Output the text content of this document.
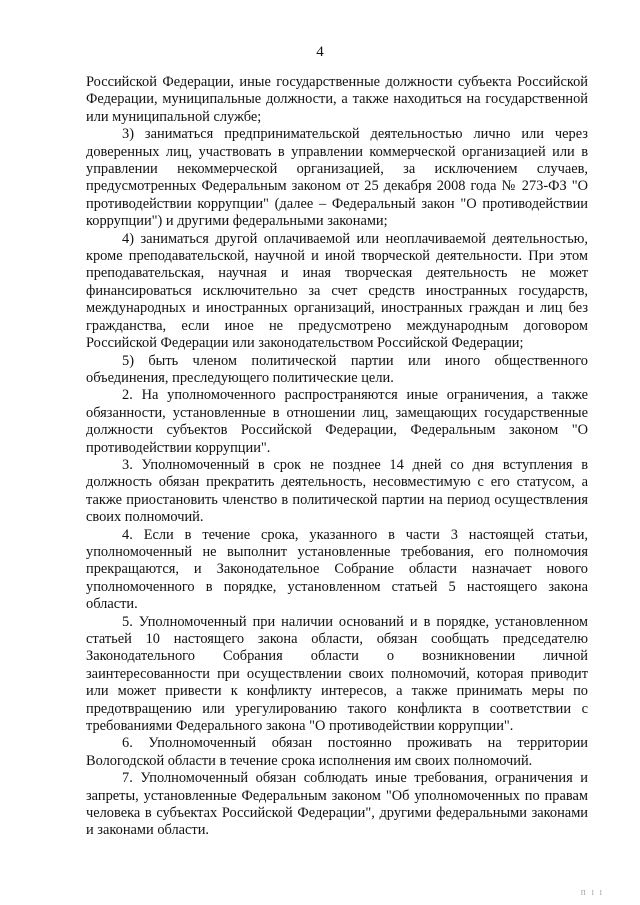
4

Российской Федерации, иные государственные должности субъекта Российской Федерации, муниципальные должности, а также находиться на государственной или муниципальной службе;

3) заниматься предпринимательской деятельностью лично или через доверенных лиц, участвовать в управлении коммерческой организацией или в управлении некоммерческой организацией, за исключением случаев, предусмотренных Федеральным законом от 25 декабря 2008 года № 273-ФЗ "О противодействии коррупции" (далее – Федеральный закон "О противодействии коррупции") и другими федеральными законами;

4) заниматься другой оплачиваемой или неоплачиваемой деятельностью, кроме преподавательской, научной и иной творческой деятельности. При этом преподавательская, научная и иная творческая деятельность не может финансироваться исключительно за счет средств иностранных государств, международных и иностранных организаций, иностранных граждан и лиц без гражданства, если иное не предусмотрено международным договором Российской Федерации или законодательством Российской Федерации;

5) быть членом политической партии или иного общественного объединения, преследующего политические цели.

2. На уполномоченного распространяются иные ограничения, а также обязанности, установленные в отношении лиц, замещающих государственные должности субъектов Российской Федерации, Федеральным законом "О противодействии коррупции".

3. Уполномоченный в срок не позднее 14 дней со дня вступления в должность обязан прекратить деятельность, несовместимую с его статусом, а также приостановить членство в политической партии на период осуществления своих полномочий.

4. Если в течение срока, указанного в части 3 настоящей статьи, уполномоченный не выполнит установленные требования, его полномочия прекращаются, и Законодательное Собрание области назначает нового уполномоченного в порядке, установленном статьей 5 настоящего закона области.

5. Уполномоченный при наличии оснований и в порядке, установленном статьей 10 настоящего закона области, обязан сообщать председателю Законодательного Собрания области о возникновении личной заинтересованности при осуществлении своих полномочий, которая приводит или может привести к конфликту интересов, а также принимать меры по предотвращению или урегулированию такого конфликта в соответствии с требованиями Федерального закона "О противодействии коррупции".

6. Уполномоченный обязан постоянно проживать на территории Вологодской области в течение срока исполнения им своих полномочий.

7. Уполномоченный обязан соблюдать иные требования, ограничения и запреты, установленные Федеральным законом "Об уполномоченных по правам человека в субъектах Российской Федерации", другими федеральными законами и законами области.

П I I
